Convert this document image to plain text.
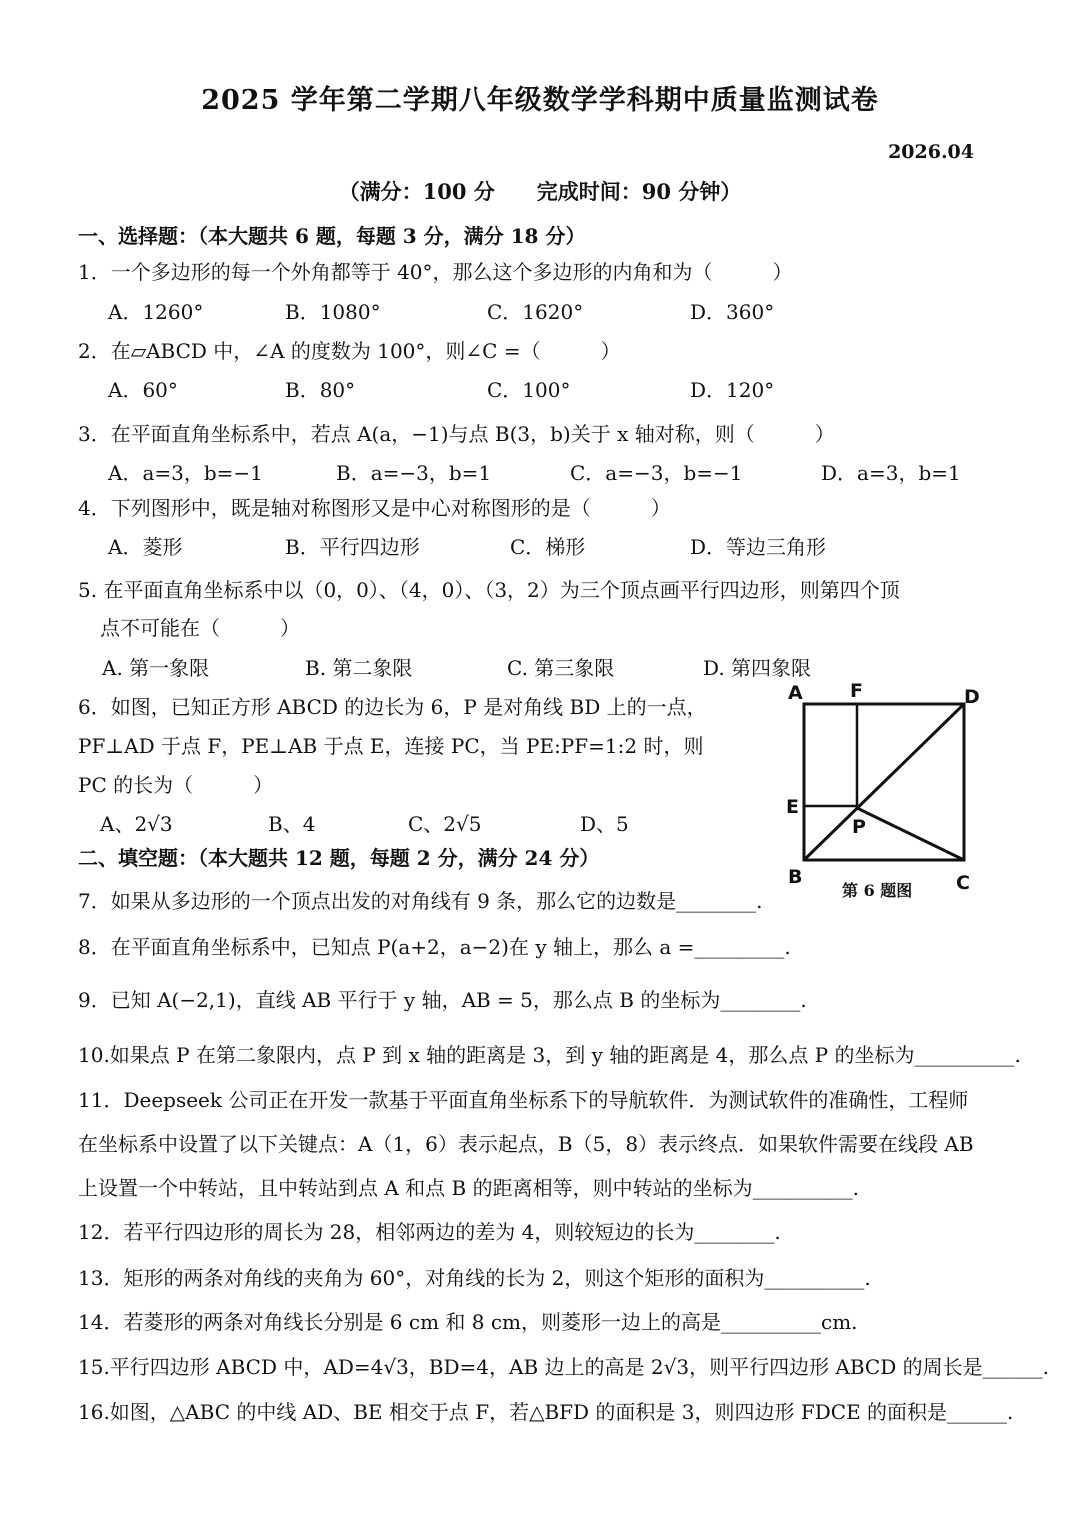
2025 学年第二学期八年级数学学科期中质量监测试卷
2026.04
（满分：100 分　　完成时间：90 分钟）
一、选择题：（本大题共 6 题，每题 3 分，满分 18 分）
1．一个多边形的每一个外角都等于 40°，那么这个多边形的内角和为（　　　）
A．1260°	B．1080°	C．1620°	D．360°
2．在▱ABCD 中，∠A 的度数为 100°，则∠C =（　　　）
A．60°	B．80°	C．100°	D．120°
3．在平面直角坐标系中，若点 A(a，−1)与点 B(3，b)关于 x 轴对称，则（　　　）
A．a=3，b=−1	B．a=−3，b=1	C．a=−3，b=−1	D．a=3，b=1
4．下列图形中，既是轴对称图形又是中心对称图形的是（　　　）
A．菱形	B．平行四边形	C．梯形	D．等边三角形
5. 在平面直角坐标系中以（0，0）、（4，0）、（3，2）为三个顶点画平行四边形，则第四个顶
点不可能在（　　　）
A. 第一象限	B. 第二象限	C. 第三象限	D. 第四象限
6．如图，已知正方形 ABCD 的边长为 6，P 是对角线 BD 上的一点，
PF⊥AD 于点 F，PE⊥AB 于点 E，连接 PC，当 PE:PF=1:2 时，则
PC 的长为（　　　）
A、2√3	B、4	C、2√5	D、5
A F	D
E
P
B	C
第 6 题图
二、填空题：（本大题共 12 题，每题 2 分，满分 24 分）
7．如果从多边形的一个顶点出发的对角线有 9 条，那么它的边数是________.
8．在平面直角坐标系中，已知点 P(a+2，a−2)在 y 轴上，那么 a =_________.
9．已知 A(−2,1)，直线 AB 平行于 y 轴，AB = 5，那么点 B 的坐标为________.
10.如果点 P 在第二象限内，点 P 到 x 轴的距离是 3，到 y 轴的距离是 4，那么点 P 的坐标为__________.
11．Deepseek 公司正在开发一款基于平面直角坐标系下的导航软件．为测试软件的准确性，工程师
在坐标系中设置了以下关键点：A（1，6）表示起点，B（5，8）表示终点．如果软件需要在线段 AB
上设置一个中转站，且中转站到点 A 和点 B 的距离相等，则中转站的坐标为__________.
12．若平行四边形的周长为 28，相邻两边的差为 4，则较短边的长为________.
13．矩形的两条对角线的夹角为 60°，对角线的长为 2，则这个矩形的面积为__________.
14．若菱形的两条对角线长分别是 6 cm 和 8 cm，则菱形一边上的高是__________cm.
15.平行四边形 ABCD 中，AD=4√3，BD=4，AB 边上的高是 2√3，则平行四边形 ABCD 的周长是______.
16.如图，△ABC 的中线 AD、BE 相交于点 F，若△BFD 的面积是 3，则四边形 FDCE 的面积是______.
